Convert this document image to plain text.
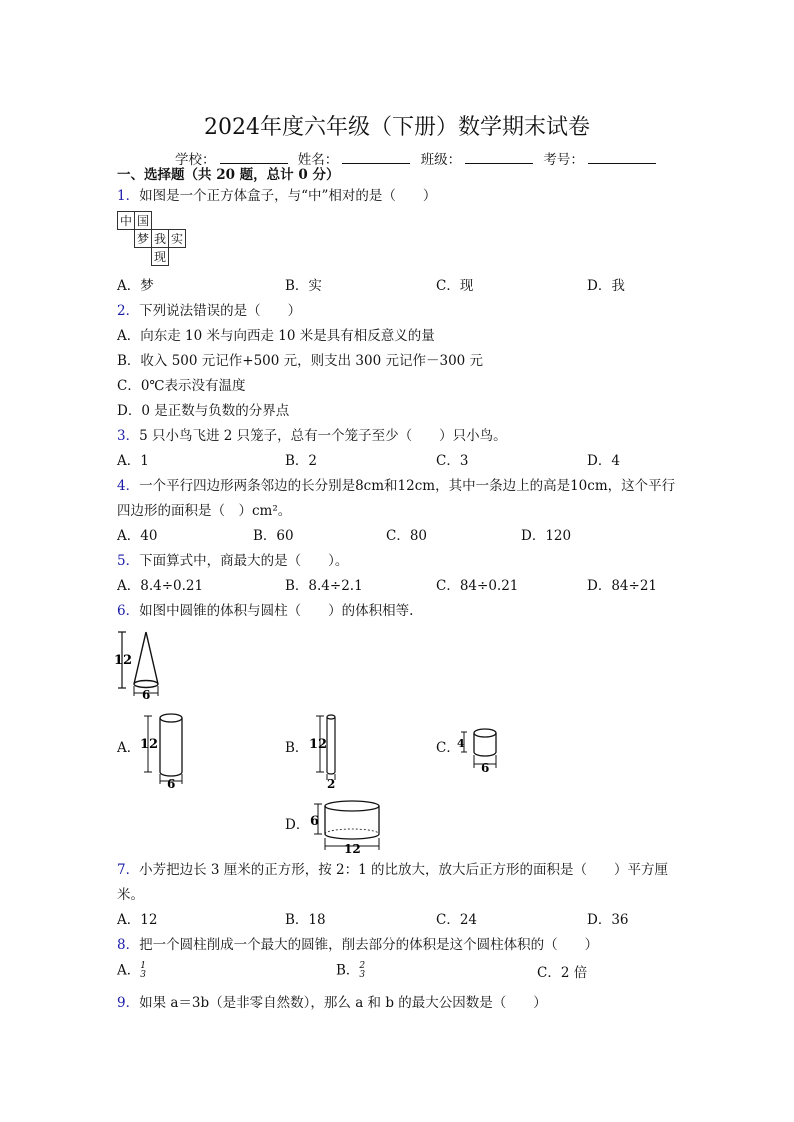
2024年度六年级（下册）数学期末试卷
学校：	姓名：	班级：	考号：
一、选择题（共 20 题，总计 0 分）
1．如图是一个正方体盒子，与“中”相对的是（　　）
中	国		
	梦	我	实
		现	
A．梦	B．实	C．现	D．我
2．下列说法错误的是（　　）
A．向东走 10 米与向西走 10 米是具有相反意义的量
B．收入 500 元记作+500 元，则支出 300 元记作－300 元
C．0℃表示没有温度
D．0 是正数与负数的分界点
3．5 只小鸟飞进 2 只笼子，总有一个笼子至少（　　）只小鸟。
A．1	B．2	C．3	D．4
4．一个平行四边形两条邻边的长分别是8cm和12cm，其中一条边上的高是10cm，这个平行
四边形的面积是（　）cm²。
A．40	B．60	C．80	D．120
5．下面算式中，商最大的是（　　）。
A．8.4÷0.21	B．8.4÷2.1	C．84÷0.21	D．84÷21
6．如图中圆锥的体积与圆柱（　　）的体积相等.
12
6
A． 12
6
B． 12
2
C．
4
6
D． 6
12
7．小芳把边长 3 厘米的正方形，按 2：1 的比放大，放大后正方形的面积是（　　）平方厘
米。
A．12	B．18	C．24	D．36
8．把一个圆柱削成一个最大的圆锥，削去部分的体积是这个圆柱体积的（　　）
A． 1
3	B． 2
3	C．2 倍
9．如果 a＝3b（是非零自然数），那么 a 和 b 的最大公因数是（　　）
